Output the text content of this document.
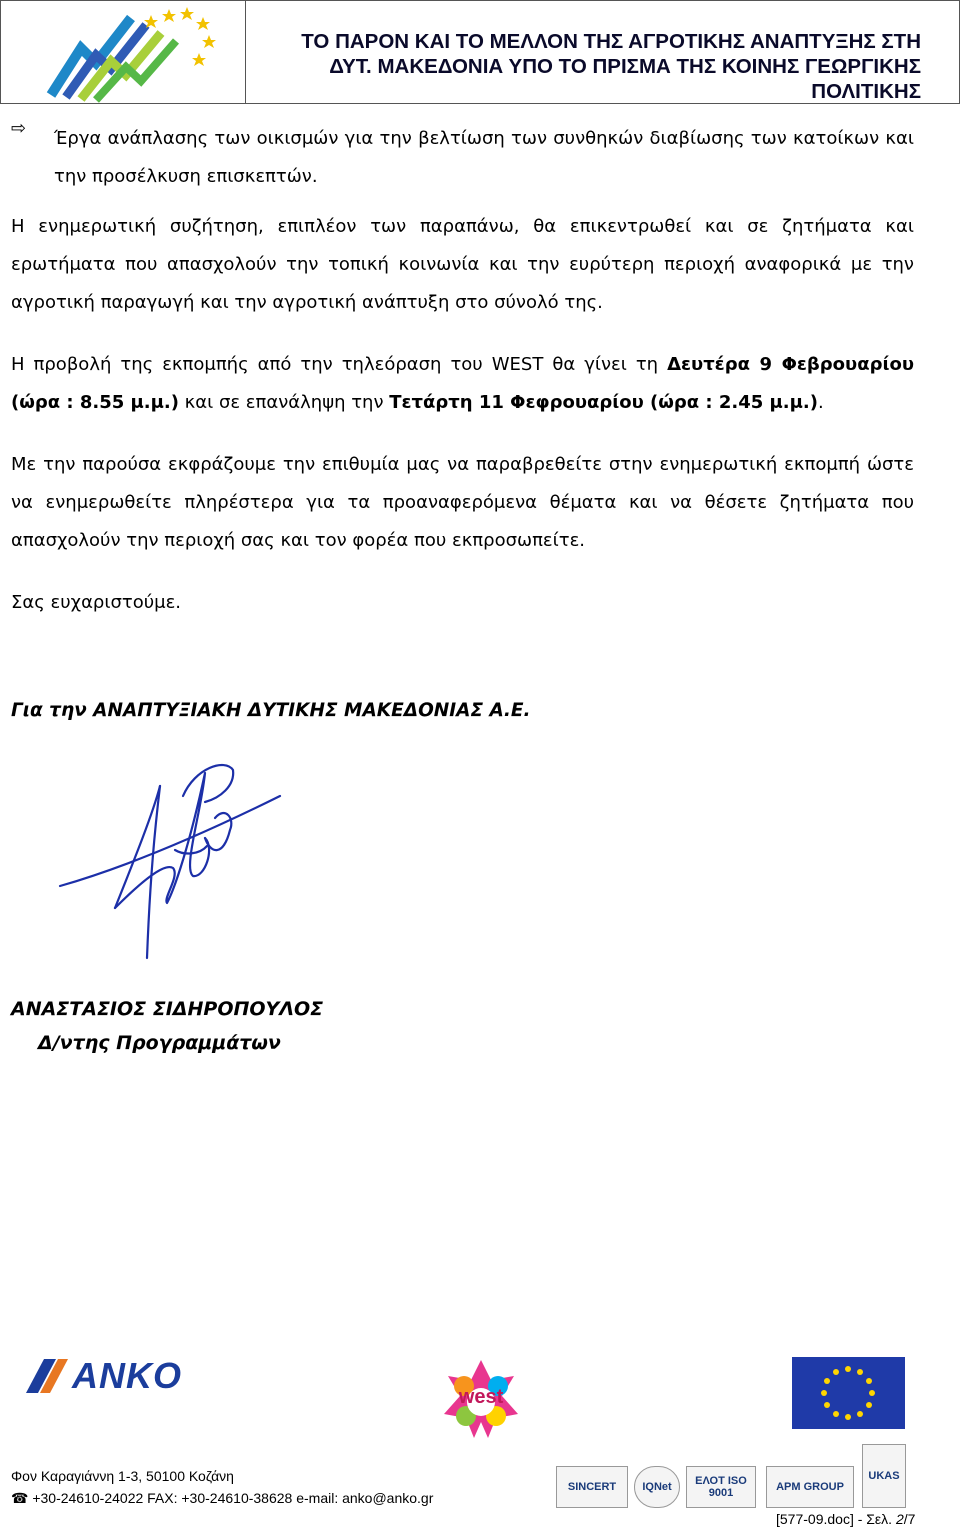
ΤΟ ΠΑΡΟΝ ΚΑΙ ΤΟ ΜΕΛΛΟΝ ΤΗΣ ΑΓΡΟΤΙΚΗΣ ΑΝΑΠΤΥΞΗΣ ΣΤΗ
ΔΥΤ. ΜΑΚΕΔΟΝΙΑ ΥΠΟ ΤΟ ΠΡΙΣΜΑ ΤΗΣ ΚΟΙΝΗΣ ΓΕΩΡΓΙΚΗΣ ΠΟΛΙΤΙΚΗΣ
⇨ Έργα ανάπλασης των οικισμών για την βελτίωση των συνθηκών διαβίωσης των κατοίκων και την προσέλκυση επισκεπτών.
Η ενημερωτική συζήτηση, επιπλέον των παραπάνω, θα επικεντρωθεί και σε ζητήματα και ερωτήματα που απασχολούν την τοπική κοινωνία και την ευρύτερη περιοχή αναφορικά με την αγροτική παραγωγή και την αγροτική ανάπτυξη στο σύνολό της.
Η προβολή της εκπομπής από την τηλεόραση του WEST θα γίνει τη Δευτέρα 9 Φεβρουαρίου (ώρα : 8.55 μ.μ.) και σε επανάληψη την Τετάρτη 11 Φεφρουαρίου (ώρα : 2.45 μ.μ.).
Με την παρούσα εκφράζουμε την επιθυμία μας να παραβρεθείτε στην ενημερωτική εκπομπή ώστε να ενημερωθείτε πληρέστερα για τα προαναφερόμενα θέματα και να θέσετε ζητήματα που απασχολούν την περιοχή σας και τον φορέα που εκπροσωπείτε.
Σας ευχαριστούμε.
Για την ΑΝΑΠΤΥΞΙΑΚΗ ΔΥΤΙΚΗΣ ΜΑΚΕΔΟΝΙΑΣ Α.Ε.
ΑΝΑΣΤΑΣΙΟΣ ΣΙΔΗΡΟΠΟΥΛΟΣ
Δ/ντης Προγραμμάτων
ANKO
west
SINCERT	IQNet	ΕΛΟΤ ISO 9001	APM GROUP
UKAS
Φον Καραγιάννη 1-3, 50100 Κοζάνη
☎ +30-24610-24022 FAX: +30-24610-38628 e-mail: anko@anko.gr
[577-09.doc] - Σελ. 2/7
